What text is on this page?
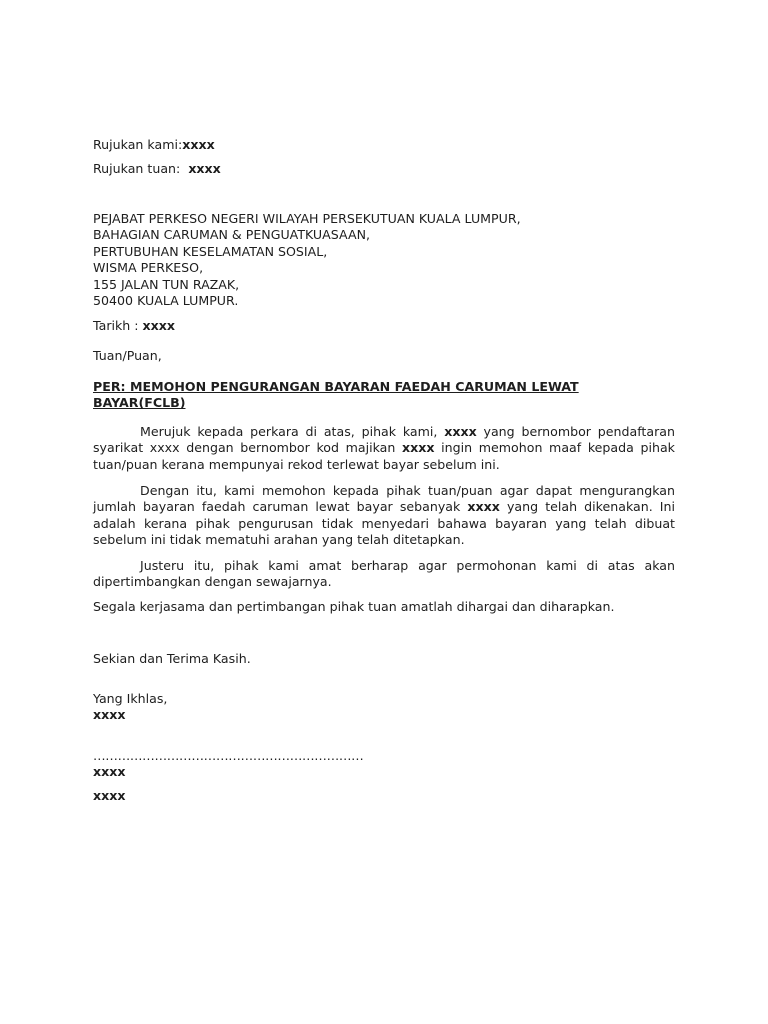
Rujukan kami:xxxx
Rujukan tuan: xxxx
PEJABAT PERKESO NEGERI WILAYAH PERSEKUTUAN KUALA LUMPUR,
BAHAGIAN CARUMAN & PENGUATKUASAAN,
PERTUBUHAN KESELAMATAN SOSIAL,
WISMA PERKESO,
155 JALAN TUN RAZAK,
50400 KUALA LUMPUR.
Tarikh : xxxx
Tuan/Puan,
PER: MEMOHON PENGURANGAN BAYARAN FAEDAH CARUMAN LEWAT
BAYAR(FCLB)
Merujuk kepada perkara di atas, pihak kami, xxxx yang bernombor pendaftaran syarikat xxxx dengan bernombor kod majikan xxxx ingin memohon maaf kepada pihak tuan/puan kerana mempunyai rekod terlewat bayar sebelum ini.
Dengan itu, kami memohon kepada pihak tuan/puan agar dapat mengurangkan jumlah bayaran faedah caruman lewat bayar sebanyak xxxx yang telah dikenakan. Ini adalah kerana pihak pengurusan tidak menyedari bahawa bayaran yang telah dibuat sebelum ini tidak mematuhi arahan yang telah ditetapkan.
Justeru itu, pihak kami amat berharap agar permohonan kami di atas akan dipertimbangkan dengan sewajarnya.
Segala kerjasama dan pertimbangan pihak tuan amatlah dihargai dan diharapkan.
Sekian dan Terima Kasih.
Yang Ikhlas,
xxxx
…………………………………………………………
xxxx
xxxx
